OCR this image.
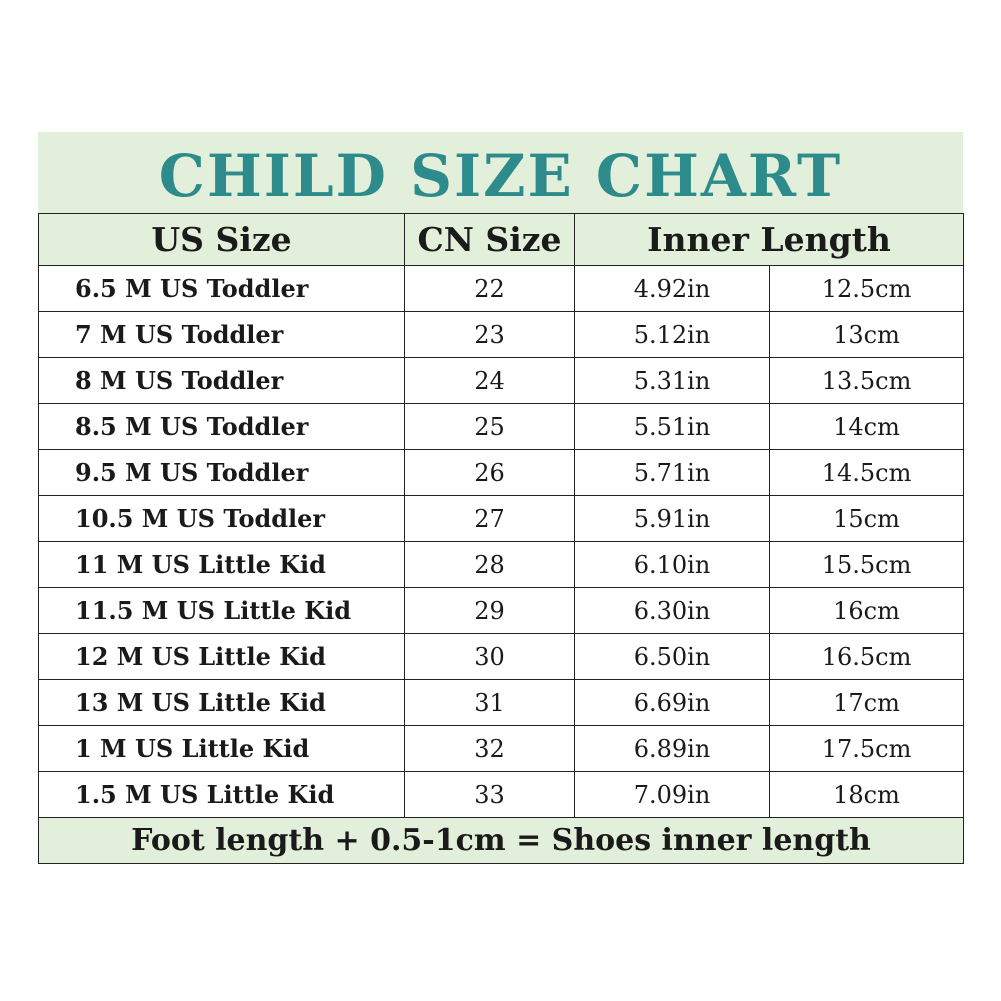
CHILD SIZE CHART
US Size	CN Size	Inner Length	
6.5 M US Toddler	22	4.92in	12.5cm
7 M US Toddler	23	5.12in	13cm
8 M US Toddler	24	5.31in	13.5cm
8.5 M US Toddler	25	5.51in	14cm
9.5 M US Toddler	26	5.71in	14.5cm
10.5 M US Toddler	27	5.91in	15cm
11 M US Little Kid	28	6.10in	15.5cm
11.5 M US Little Kid	29	6.30in	16cm
12 M US Little Kid	30	6.50in	16.5cm
13 M US Little Kid	31	6.69in	17cm
1 M US Little Kid	32	6.89in	17.5cm
1.5 M US Little Kid	33	7.09in	18cm
Foot length + 0.5-1cm = Shoes inner length			
